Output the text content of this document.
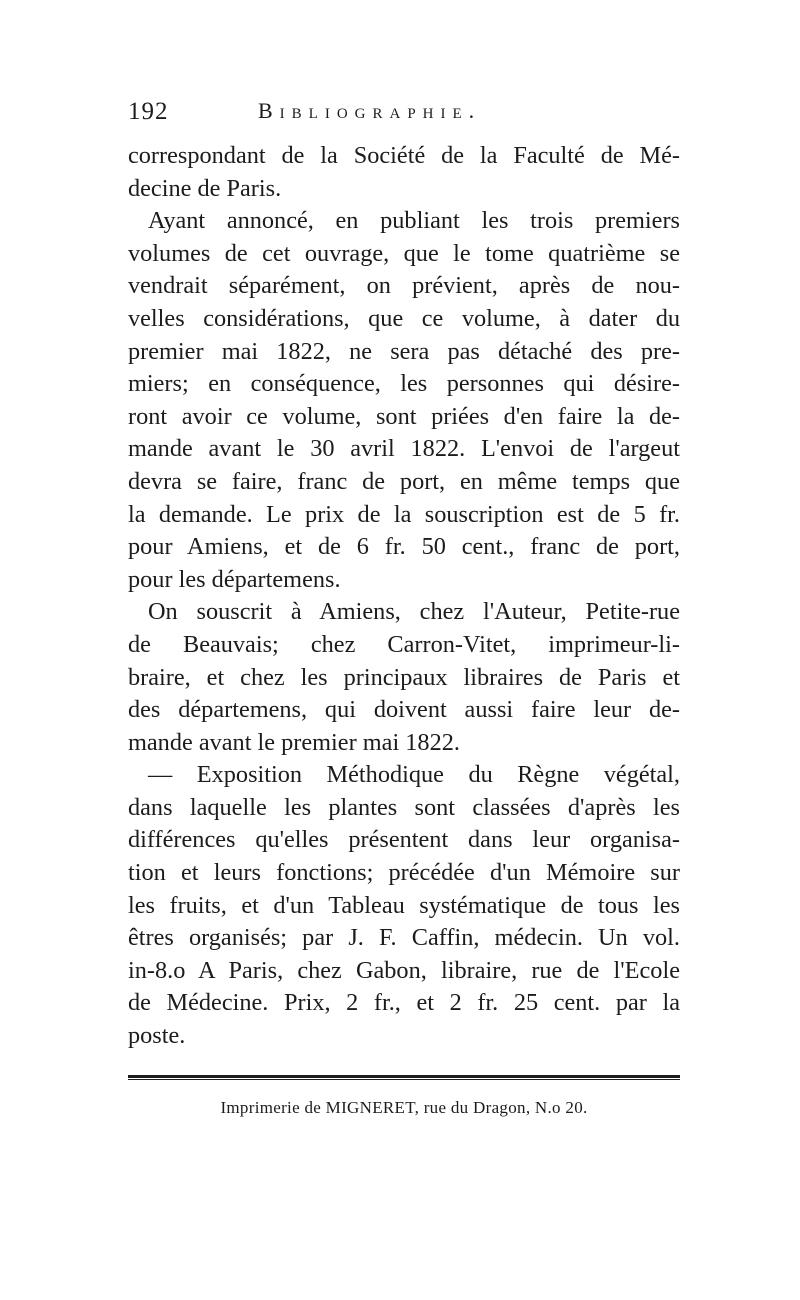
192	Bibliographie.

correspondant de la Société de la Faculté de Mé-
decine de Paris.

Ayant annoncé, en publiant les trois premiers
volumes de cet ouvrage, que le tome quatrième se
vendrait séparément, on prévient, après de nou-
velles considérations, que ce volume, à dater du
premier mai 1822, ne sera pas détaché des pre-
miers; en conséquence, les personnes qui désire-
ront avoir ce volume, sont priées d'en faire la de-
mande avant le 30 avril 1822. L'envoi de l'argeut
devra se faire, franc de port, en même temps que
la demande. Le prix de la souscription est de 5 fr.
pour Amiens, et de 6 fr. 50 cent., franc de port,
pour les départemens.

On souscrit à Amiens, chez l'Auteur, Petite-rue
de Beauvais; chez Carron-Vitet, imprimeur-li-
braire, et chez les principaux libraires de Paris et
des départemens, qui doivent aussi faire leur de-
mande avant le premier mai 1822.

— Exposition Méthodique du Règne végétal,
dans laquelle les plantes sont classées d'après les
différences qu'elles présentent dans leur organisa-
tion et leurs fonctions; précédée d'un Mémoire sur
les fruits, et d'un Tableau systématique de tous les
êtres organisés; par J. F. Caffin, médecin. Un vol.
in-8.o A Paris, chez Gabon, libraire, rue de l'Ecole
de Médecine. Prix, 2 fr., et 2 fr. 25 cent. par la
poste.

Imprimerie de MIGNERET, rue du Dragon, N.o 20.
